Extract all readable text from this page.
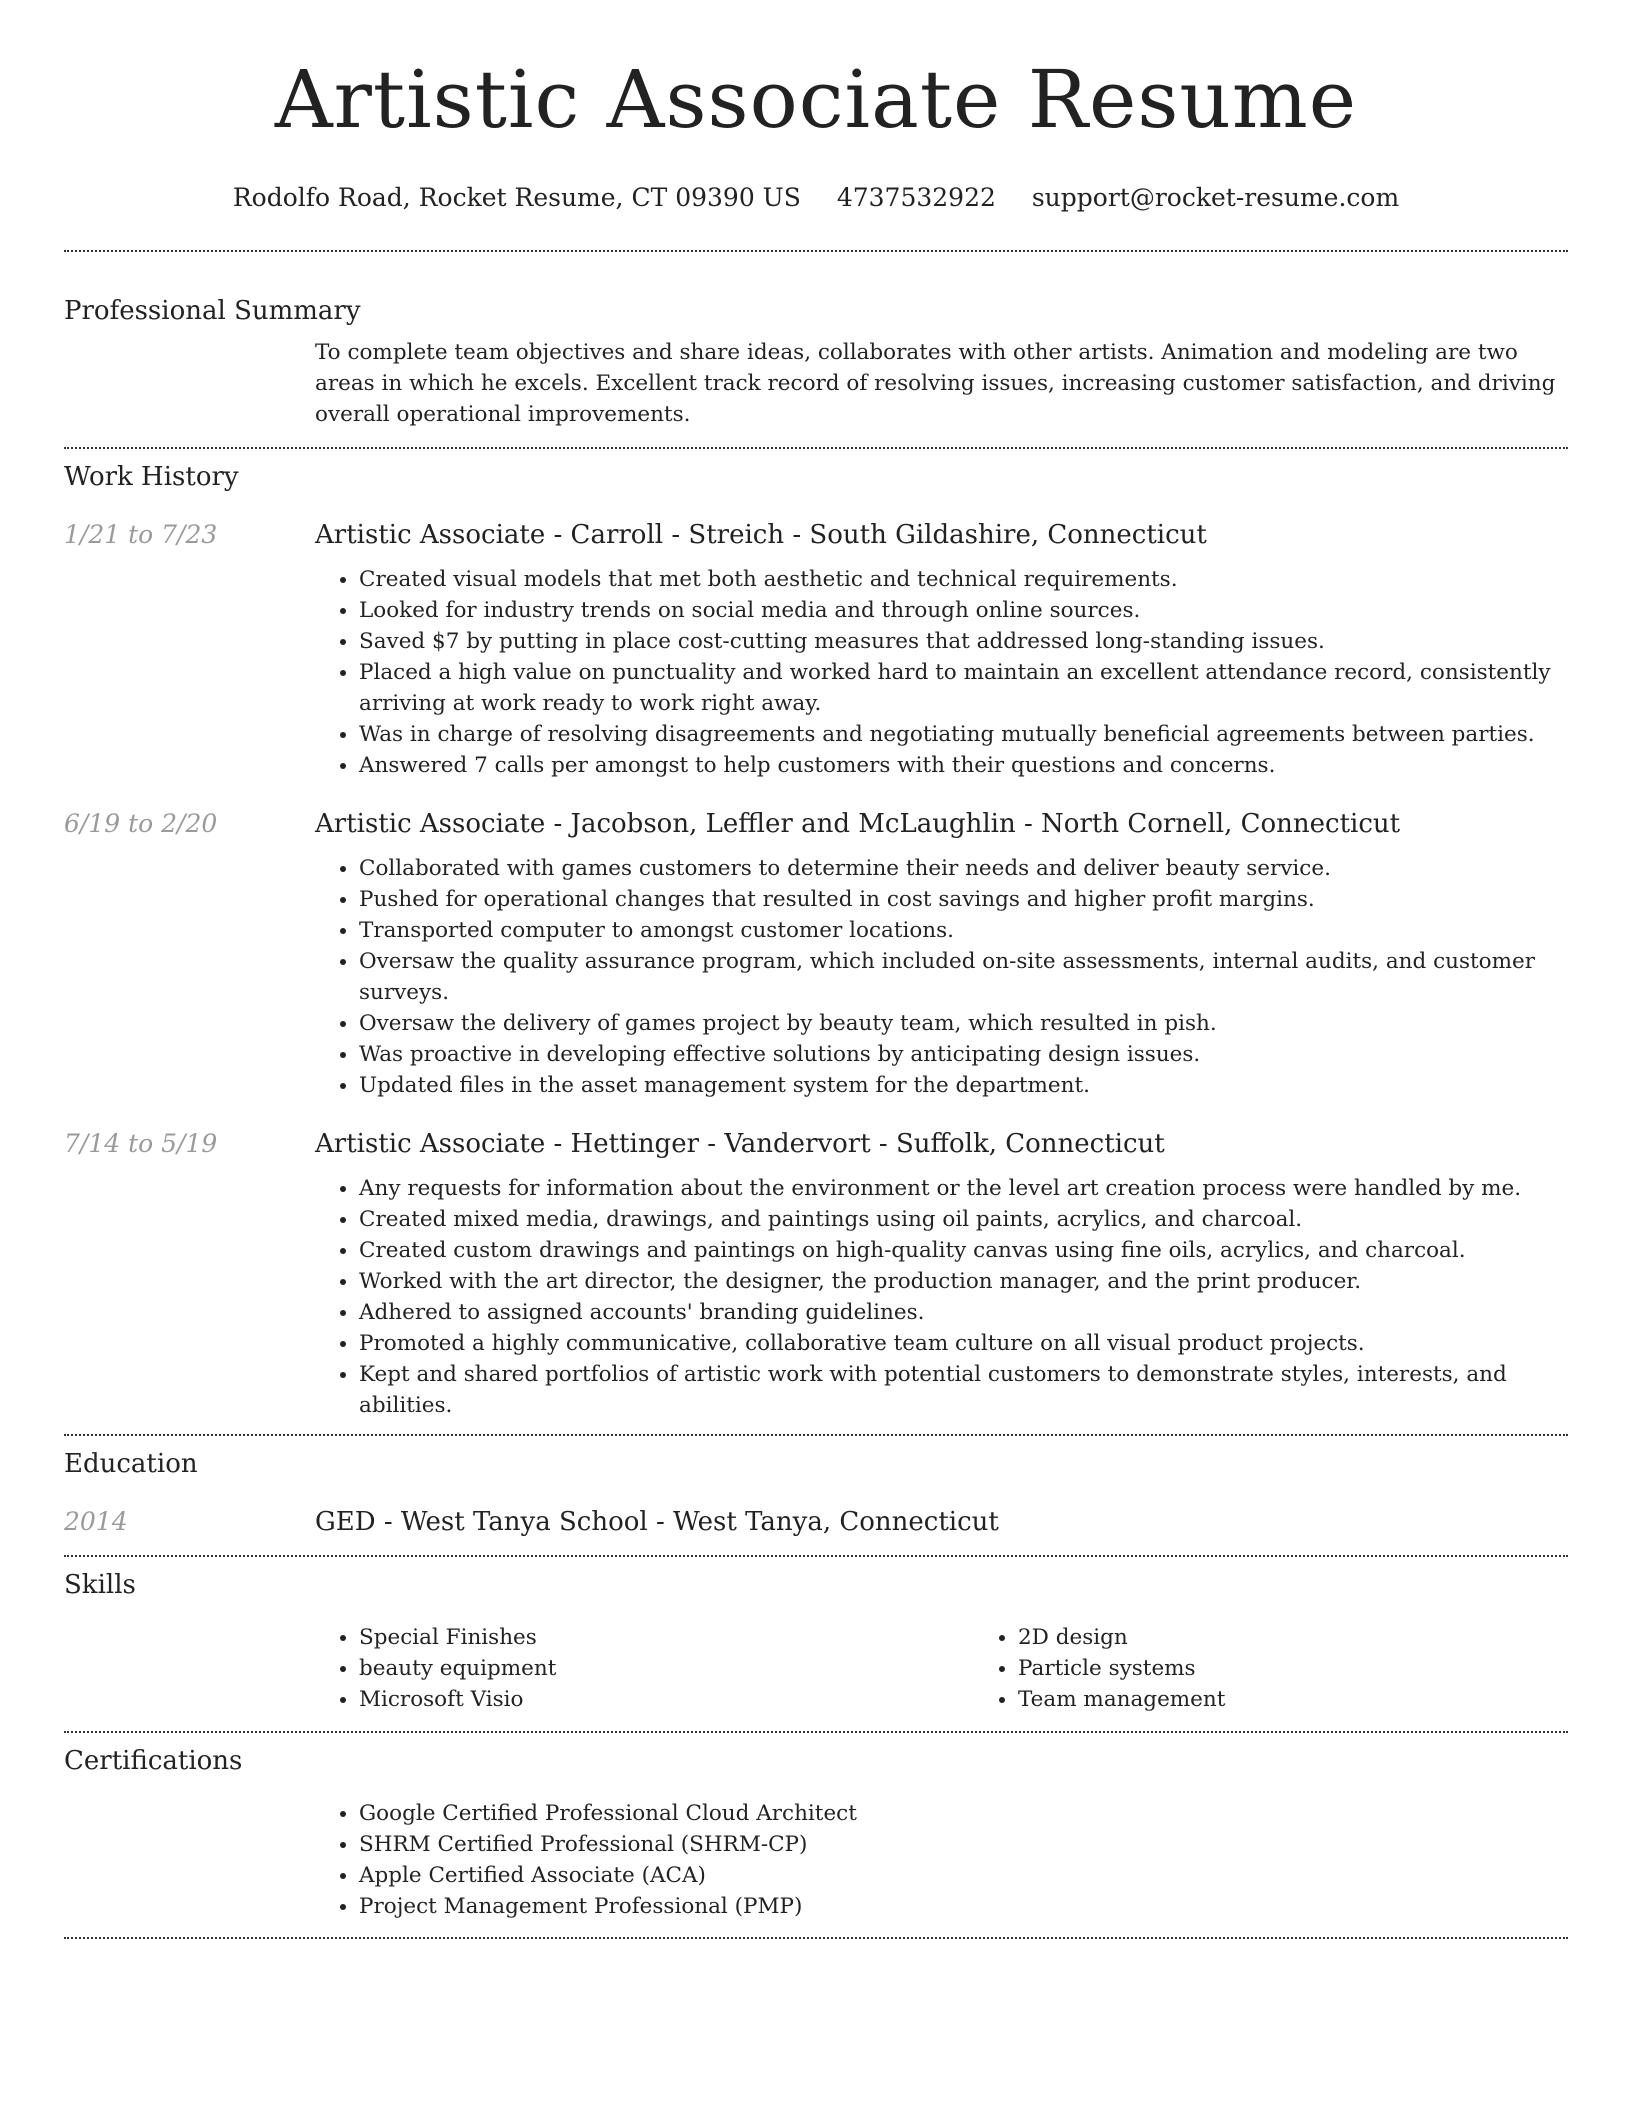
Artistic Associate Resume
Rodolfo Road, Rocket Resume, CT 09390 US 4737532922 support@rocket-resume.com
Professional Summary

To complete team objectives and share ideas, collaborates with other artists. Animation and modeling are two areas in which he excels. Excellent track record of resolving issues, increasing customer satisfaction, and driving overall operational improvements.

Work History
1/21 to 7/23	Artistic Associate - Carroll - Streich - South Gildashire, Connecticut
• Created visual models that met both aesthetic and technical requirements.
• Looked for industry trends on social media and through online sources.
• Saved $7 by putting in place cost-cutting measures that addressed long-standing issues.
• Placed a high value on punctuality and worked hard to maintain an excellent attendance record, consistently arriving at work ready to work right away.
• Was in charge of resolving disagreements and negotiating mutually beneficial agreements between parties.
• Answered 7 calls per amongst to help customers with their questions and concerns.
6/19 to 2/20	Artistic Associate - Jacobson, Leffler and McLaughlin - North Cornell, Connecticut
• Collaborated with games customers to determine their needs and deliver beauty service.
• Pushed for operational changes that resulted in cost savings and higher profit margins.
• Transported computer to amongst customer locations.
• Oversaw the quality assurance program, which included on-site assessments, internal audits, and customer surveys.
• Oversaw the delivery of games project by beauty team, which resulted in pish.
• Was proactive in developing effective solutions by anticipating design issues.
• Updated files in the asset management system for the department.
7/14 to 5/19	Artistic Associate - Hettinger - Vandervort - Suffolk, Connecticut
• Any requests for information about the environment or the level art creation process were handled by me.
• Created mixed media, drawings, and paintings using oil paints, acrylics, and charcoal.
• Created custom drawings and paintings on high-quality canvas using fine oils, acrylics, and charcoal.
• Worked with the art director, the designer, the production manager, and the print producer.
• Adhered to assigned accounts' branding guidelines.
• Promoted a highly communicative, collaborative team culture on all visual product projects.
• Kept and shared portfolios of artistic work with potential customers to demonstrate styles, interests, and abilities.
Education
2014	GED - West Tanya School - West Tanya, Connecticut
Skills
• Special Finishes
• beauty equipment
• Microsoft Visio
• 2D design
• Particle systems
• Team management
Certifications
• Google Certified Professional Cloud Architect
• SHRM Certified Professional (SHRM-CP)
• Apple Certified Associate (ACA)
• Project Management Professional (PMP)
